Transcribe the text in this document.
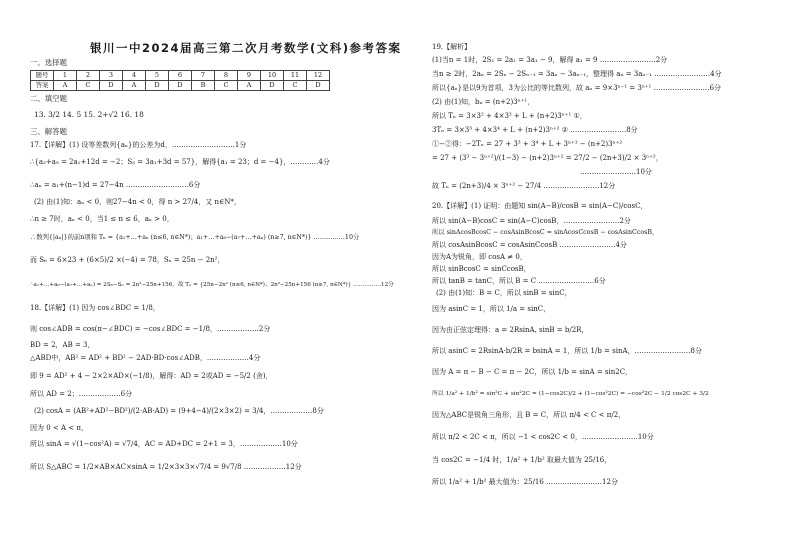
银川一中2024届高三第二次月考数学(文科)参考答案
一、选择题
题号	1	2	3	4	5	6	7	8	9	10	11	12
答案	A	C	D	A	D	D	B	C	A	D	C	D
二、填空题
13. 3/2 14. 5 15. 2+√2 16. 18
三、解答题
17.【详解】(1) 设等差数列{aₙ}的公差为d，………………………1分
∴{a₂+a₉ = 2a₁+12d = −2；S₃ = 3a₁+3d = 57}，解得{a₁ = 23；d = −4}，…………4分
∴aₙ = a₁+(n−1)d = 27−4n ………………………6分
(2) 由(1)知：aₙ < 0，则27−4n < 0，得 n > 27/4，又 n∈N*，
∴n ≥ 7时，aₙ < 0，当1 ≤ n ≤ 6，aₙ > 0，
∴数列{|aₙ|}的前n项和 Tₙ = {a₁+…+aₙ (n≤6, n∈N*)；a₁+…+a₆−(a₇+…+aₙ) (n≥7, n∈N*)} ……………10分
而 S₆ = 6×23 + (6×5)/2 ×(−4) = 78，Sₙ = 25n − 2n²，
∴a₁+…+a₆−(a₇+…+aₙ) = 2S₆−Sₙ = 2n²−25n+156，故 Tₙ = {25n−2n² (n≤6, n∈N*)；2n²−25n+156 (n≥7, n∈N*)} ……………12分
18.【详解】(1) 因为 cos∠BDC = 1/8，
则 cos∠ADB = cos(π−∠BDC) = −cos∠BDC = −1/8，………………2分
BD = 2，AB = 3，
△ABD中，AB² = AD² + BD² − 2AD·BD·cos∠ADB，………………4分
即 9 = AD² + 4 − 2×2×AD×(−1/8)，解得：AD = 2或AD = −5/2 (舍)，
所以 AD = 2；………………6分
(2) cosA = (AB²+AD²−BD²)/(2·AB·AD) = (9+4−4)/(2×3×2) = 3/4，………………8分
因为 0 < A < π，
所以 sinA = √(1−cos²A) = √7/4，AC = AD+DC = 2+1 = 3，………………10分
所以 S△ABC = 1/2×AB×AC×sinA = 1/2×3×3×√7/4 = 9√7/8 ………………12分
19.【解析】
(1)当n = 1时，2S₁ = 2a₁ = 3a₁ − 9，解得 a₁ = 9 ……………………2分
当n ≥ 2时，2aₙ = 2Sₙ − 2Sₙ₋₁ = 3aₙ − 3aₙ₋₁，整理得 aₙ = 3aₙ₋₁ ……………………4分
所以{aₙ}是以9为首项，3为公比的等比数列，故 aₙ = 9×3ⁿ⁻¹ = 3ⁿ⁺¹ ……………………6分
(2) 由(1)知，bₙ = (n+2)3ⁿ⁺¹，
所以 Tₙ = 3×3² + 4×3³ + L + (n+2)3ⁿ⁺¹ ①，
3Tₙ = 3×3³ + 4×3⁴ + L + (n+2)3ⁿ⁺² ② ……………………8分
①−②得：−2Tₙ = 27 + 3³ + 3⁴ + L + 3ⁿ⁺¹ − (n+2)3ⁿ⁺²
= 27 + (3³ − 3ⁿ⁺²)/(1−3) − (n+2)3ⁿ⁺² = 27/2 − (2n+3)/2 × 3ⁿ⁺²，
……………………10分
故 Tₙ = (2n+3)/4 × 3ⁿ⁺² − 27/4 ……………………12分
20.【详解】(1) 证明：由题知 sin(A−B)/cosB = sin(A−C)/cosC，
所以 sin(A−B)cosC = sin(A−C)cosB，……………………2分
所以 sinAcosBcosC − cosAsinBcosC = sinAcosCcosB − cosAsinCcosB，
所以 cosAsinBcosC = cosAsinCcosB ……………………4分
因为A为锐角，即 cosA ≠ 0，
所以 sinBcosC = sinCcosB，
所以 tanB = tanC，所以 B = C ……………………6分
(2) 由(1)知：B = C，所以 sinB = sinC，
因为 asinC = 1，所以 1/a = sinC，
因为由正弦定理得：a = 2RsinA, sinB = b/2R，
所以 asinC = 2RsinA·b/2R = bsinA = 1，所以 1/b = sinA，……………………8分
因为 A = π − B − C = π − 2C，所以 1/b = sinA = sin2C，
所以 1/a² + 1/b² = sin²C + sin²2C = (1−cos2C)/2 + (1−cos²2C) = −cos²2C − 1/2 cos2C + 3/2
因为△ABC是锐角三角形，且 B = C，所以 π/4 < C < π/2，
所以 π/2 < 2C < π，所以 −1 < cos2C < 0，……………………10分
当 cos2C = −1/4 时，1/a² + 1/b² 取最大值为 25/16，
所以 1/a² + 1/b² 最大值为：25/16 ……………………12分
